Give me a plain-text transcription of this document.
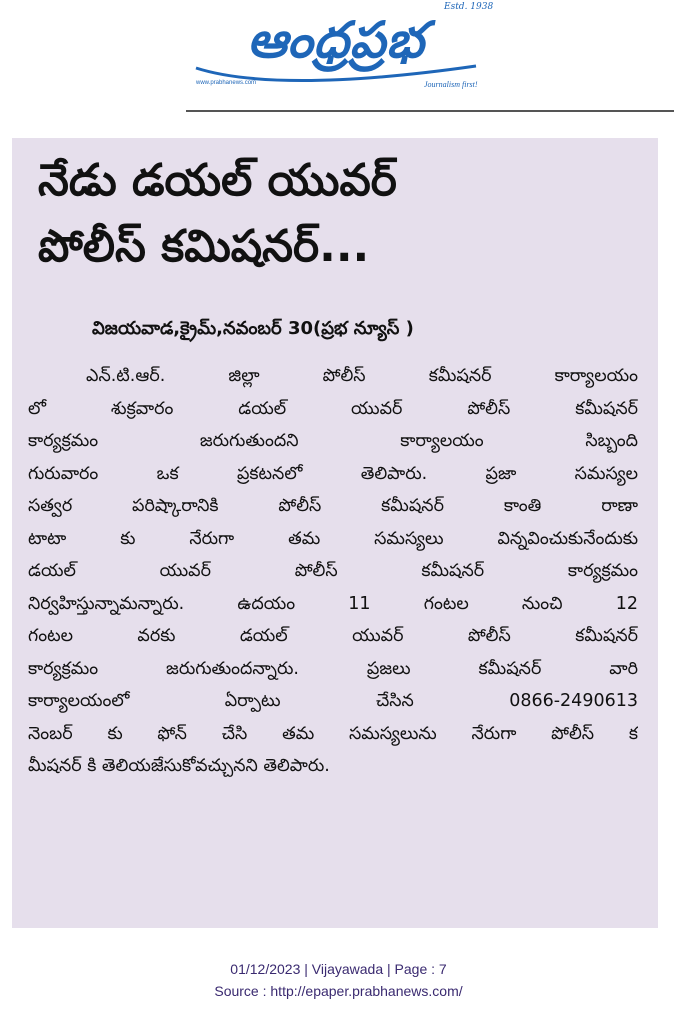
ఆంధ్రప్రభ
Estd. 1938
www.prabhanews.com	Journalism first!
నేడు డయల్ యువర్
పోలీస్ కమిషనర్...
విజయవాడ,క్రైమ్,నవంబర్ 30(ప్రభ న్యూస్ )
ఎన్.టి.ఆర్. జిల్లా పోలీస్ కమీషనర్ కార్యాలయం
లో శుక్రవారం డయల్ యువర్ పోలీస్ కమీషనర్
కార్యక్రమం జరుగుతుందని కార్యాలయం సిబ్బంది
గురువారం ఒక ప్రకటనలో తెలిపారు. ప్రజా సమస్యల
సత్వర పరిష్కారానికి పోలీస్ కమీషనర్ కాంతి రాణా
టాటా కు నేరుగా తమ సమస్యలు విన్నవించుకునేందుకు
డయల్ యువర్ పోలీస్ కమీషనర్ కార్యక్రమం
నిర్వహిస్తున్నామన్నారు. ఉదయం 11 గంటల నుంచి 12
గంటల వరకు డయల్ యువర్ పోలీస్ కమీషనర్
కార్యక్రమం జరుగుతుందన్నారు. ప్రజలు కమీషనర్ వారి
కార్యాలయంలో ఏర్పాటు చేసిన 0866-2490613
నెంబర్ కు ఫోన్ చేసి తమ సమస్యలును నేరుగా పోలీస్ క
మీషనర్ కి తెలియజేసుకోవచ్చునని తెలిపారు.
01/12/2023 | Vijayawada | Page : 7
Source : http://epaper.prabhanews.com/
